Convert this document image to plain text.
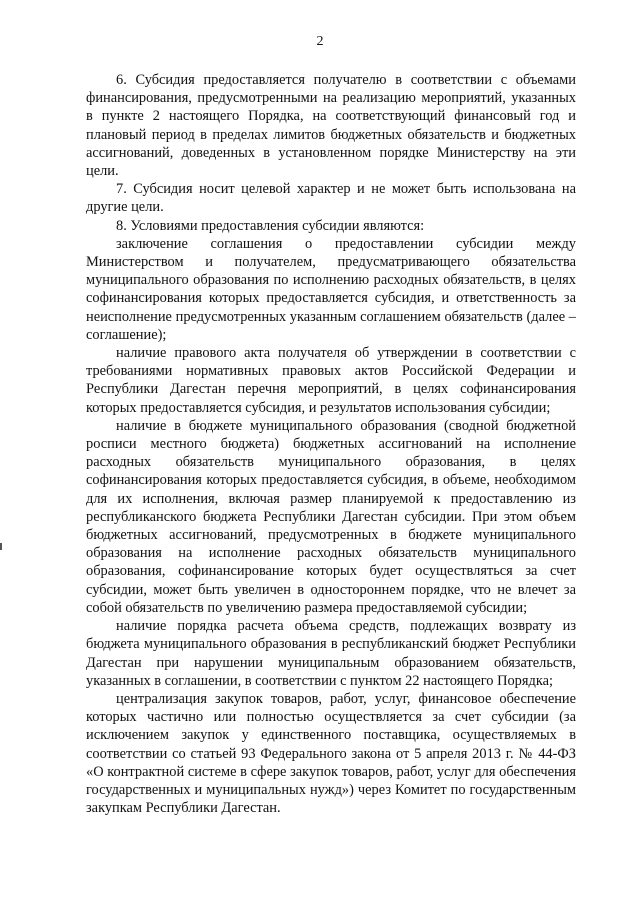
2

6. Субсидия предоставляется получателю в соответствии с объемами финансирования, предусмотренными на реализацию мероприятий, указанных в пункте 2 настоящего Порядка, на соответствующий финансовый год и плановый период в пределах лимитов бюджетных обязательств и бюджетных ассигнований, доведенных в установленном порядке Министерству на эти цели.

7. Субсидия носит целевой характер и не может быть использована на другие цели.

8. Условиями предоставления субсидии являются:

заключение соглашения о предоставлении субсидии между Министерством и получателем, предусматривающего обязательства муниципального образования по исполнению расходных обязательств, в целях софинансирования которых предоставляется субсидия, и ответственность за неисполнение предусмотренных указанным соглашением обязательств (далее – соглашение);

наличие правового акта получателя об утверждении в соответствии с требованиями нормативных правовых актов Российской Федерации и Республики Дагестан перечня мероприятий, в целях софинансирования которых предоставляется субсидия, и результатов использования субсидии;

наличие в бюджете муниципального образования (сводной бюджетной росписи местного бюджета) бюджетных ассигнований на исполнение расходных обязательств муниципального образования, в целях софинансирования которых предоставляется субсидия, в объеме, необходимом для их исполнения, включая размер планируемой к предоставлению из республиканского бюджета Республики Дагестан субсидии. При этом объем бюджетных ассигнований, предусмотренных в бюджете муниципального образования на исполнение расходных обязательств муниципального образования, софинансирование которых будет осуществляться за счет субсидии, может быть увеличен в одностороннем порядке, что не влечет за собой обязательств по увеличению размера предоставляемой субсидии;

наличие порядка расчета объема средств, подлежащих возврату из бюджета муниципального образования в республиканский бюджет Республики Дагестан при нарушении муниципальным образованием обязательств, указанных в соглашении, в соответствии с пунктом 22 настоящего Порядка;

централизация закупок товаров, работ, услуг, финансовое обеспечение которых частично или полностью осуществляется за счет субсидии (за исключением закупок у единственного поставщика, осуществляемых в соответствии со статьей 93 Федерального закона от 5 апреля 2013 г. № 44-ФЗ «О контрактной системе в сфере закупок товаров, работ, услуг для обеспечения государственных и муниципальных нужд») через Комитет по государственным закупкам Республики Дагестан.
